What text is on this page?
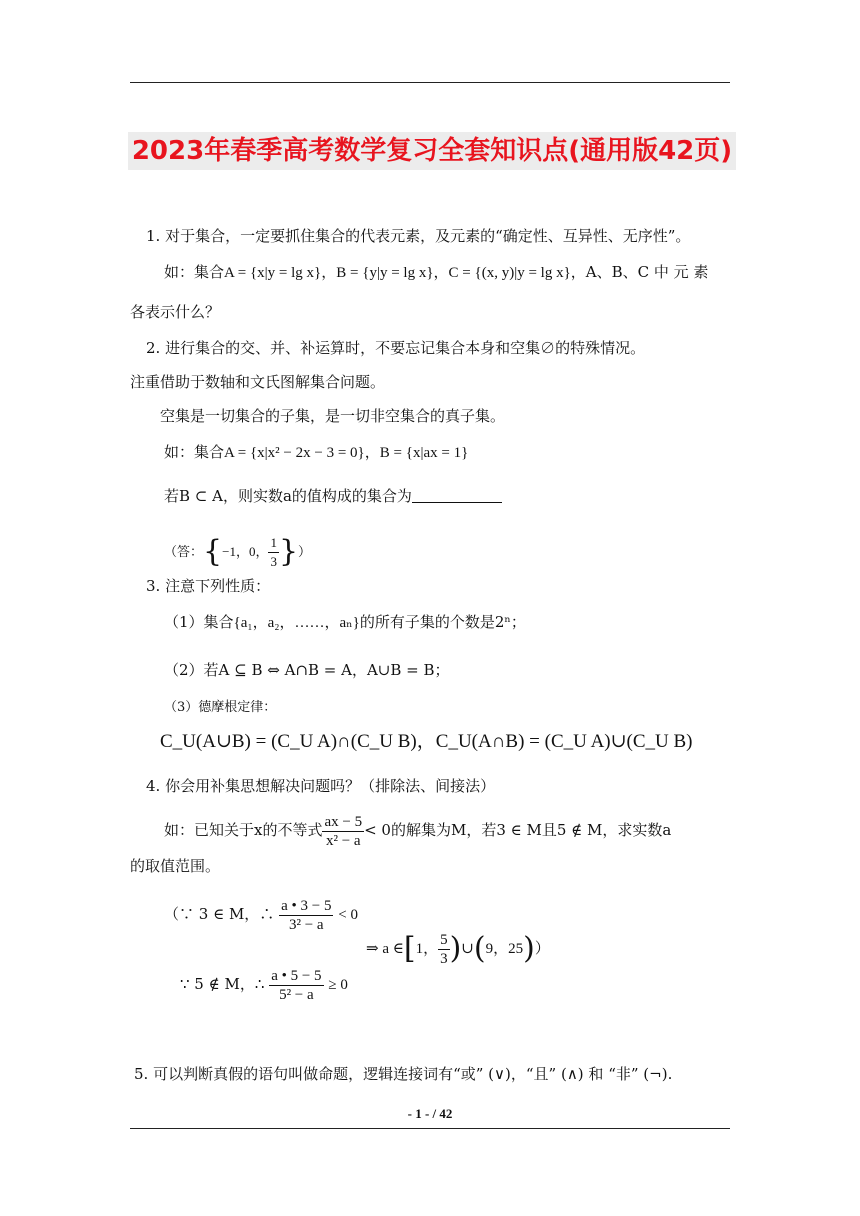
2023年春季高考数学复习全套知识点(通用版42页)
1. 对于集合，一定要抓住集合的代表元素，及元素的“确定性、互异性、无序性”。
如：集合A = {x|y = lg x}，B = {y|y = lg x}，C = {(x, y)|y = lg x}，A、B、C 中 元 素
各表示什么？
2. 进行集合的交、并、补运算时，不要忘记集合本身和空集∅的特殊情况。
注重借助于数轴和文氏图解集合问题。
空集是一切集合的子集，是一切非空集合的真子集。
如：集合A = {x|x² − 2x − 3 = 0}，B = {x|ax = 1}
若B ⊂ A，则实数a的值构成的集合为
（答：{−1，0， $\frac{1}{3}$ }）
3. 注意下列性质：
（1）集合{a₁，a₂，……，aₙ}的所有子集的个数是2ⁿ；
（2）若A ⊆ B ⇔ A∩B = A，A∪B = B；
（3）德摩根定律：
C_U(A∪B) = (C_U A)∩(C_U B)，C_U(A∩B) = (C_U A)∪(C_U B)
4. 你会用补集思想解决问题吗？（排除法、间接法）
如：已知关于x的不等式 $\frac{ax - 5}{\text{x² − a}} < 0$的解集为M，若3 ∈ M且5 ∉ M，求实数a
的取值范围。
（∵ 3 ∈ M，∴ $\frac{a • 3 - 5}{\text{3² − a}} < 0$
⇒ a ∈[1， $\frac{5}{3}$ )∪(9，25)）
∵ 5 ∉ M，∴ $\frac{a • 5 - 5}{\text{5² − a}} \ge 0$
5. 可以判断真假的语句叫做命题，逻辑连接词有“或” (∨)，“且” (∧) 和 “非” (¬).
- 1 - / 42
